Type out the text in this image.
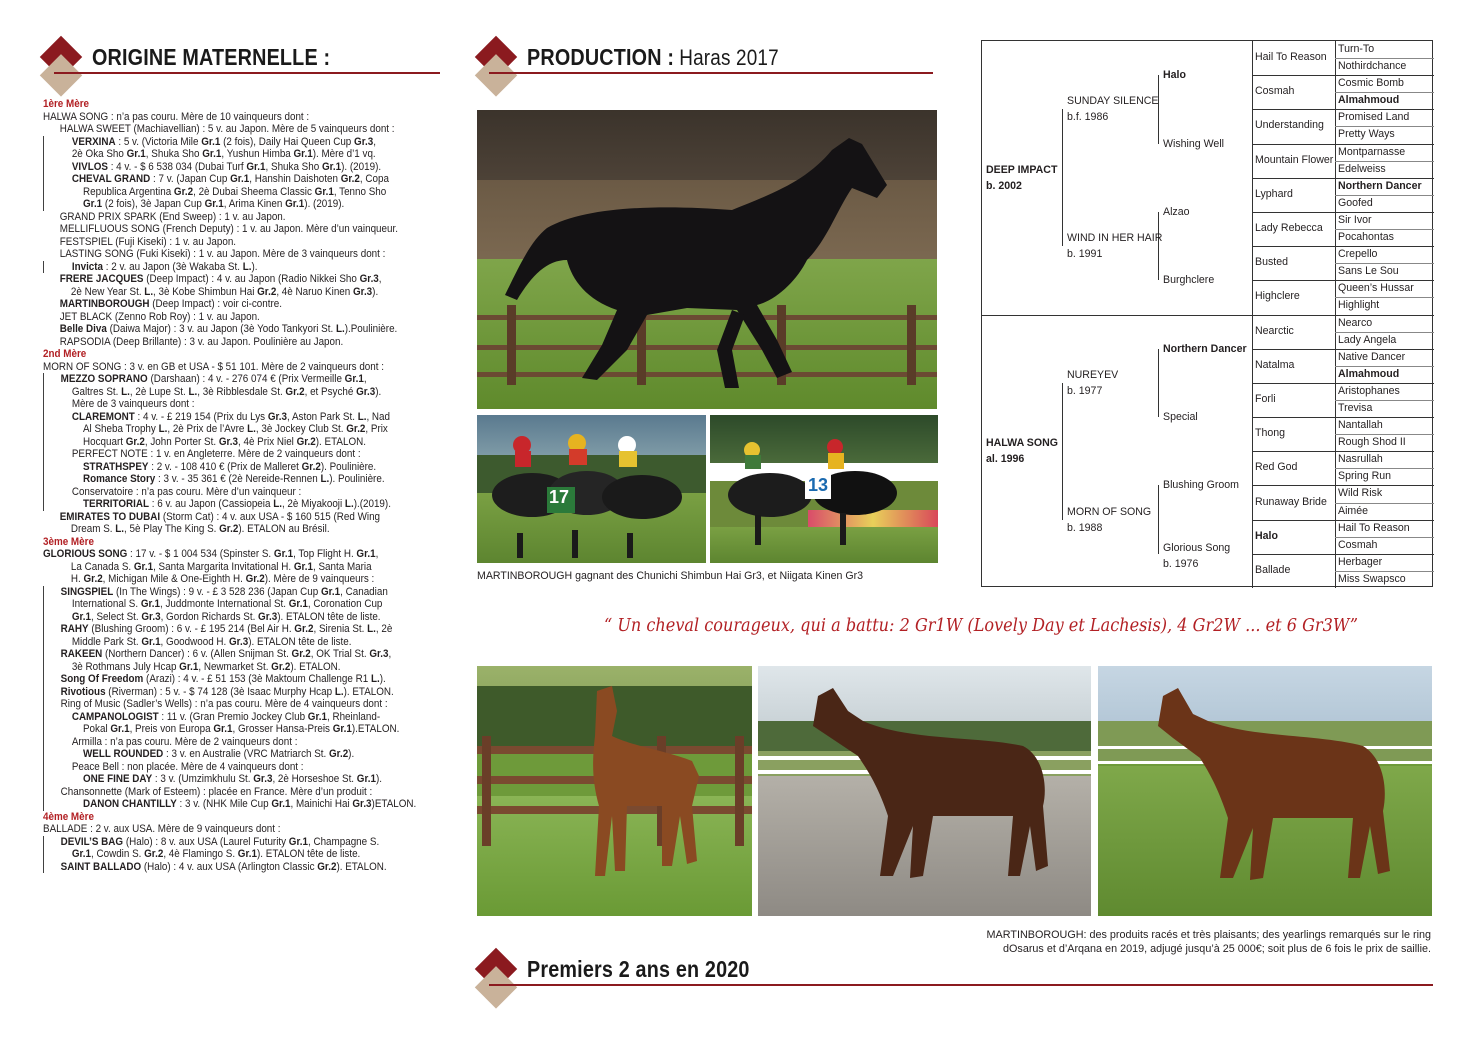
ORIGINE MATERNELLE :
1ère Mère
HALWA SONG : n’a pas couru. Mère de 10 vainqueurs dont :
HALWA SWEET (Machiavellian) : 5 v. au Japon. Mère de 5 vainqueurs dont :
VERXINA : 5 v. (Victoria Mile Gr.1 (2 fois), Daily Hai Queen Cup Gr.3,
2è Oka Sho Gr.1, Shuka Sho Gr.1, Yushun Himba Gr.1). Mère d’1 vq.
VIVLOS : 4 v. - $ 6 538 034 (Dubai Turf Gr.1, Shuka Sho Gr.1). (2019).
CHEVAL GRAND : 7 v. (Japan Cup Gr.1, Hanshin Daishoten Gr.2, Copa
Republica Argentina Gr.2, 2è Dubai Sheema Classic Gr.1, Tenno Sho
Gr.1 (2 fois), 3è Japan Cup Gr.1, Arima Kinen Gr.1). (2019).
GRAND PRIX SPARK (End Sweep) : 1 v. au Japon.
MELLIFLUOUS SONG (French Deputy) : 1 v. au Japon. Mère d’un vainqueur.
FESTSPIEL (Fuji Kiseki) : 1 v. au Japon.
LASTING SONG (Fuki Kiseki) : 1 v. au Japon. Mère de 3 vainqueurs dont :
Invicta : 2 v. au Japon (3è Wakaba St. L.).
FRERE JACQUES (Deep Impact) : 4 v. au Japon (Radio Nikkei Sho Gr.3,
2è New Year St. L., 3è Kobe Shimbun Hai Gr.2, 4è Naruo Kinen Gr.3).
MARTINBOROUGH (Deep Impact) : voir ci-contre.
JET BLACK (Zenno Rob Roy) : 1 v. au Japon.
Belle Diva (Daiwa Major) : 3 v. au Japon (3è Yodo Tankyori St. L.).Poulinière.
RAPSODIA (Deep Brillante) : 3 v. au Japon. Poulinière au Japon.
2nd Mère
MORN OF SONG : 3 v. en GB et USA - $ 51 101. Mère de 2 vainqueurs dont :
MEZZO SOPRANO (Darshaan) : 4 v. - 276 074 € (Prix Vermeille Gr.1,
Galtres St. L., 2è Lupe St. L., 3è Ribblesdale St. Gr.2, et Psyché Gr.3).
Mère de 3 vainqueurs dont :
CLAREMONT : 4 v. - £ 219 154 (Prix du Lys Gr.3, Aston Park St. L., Nad
Al Sheba Trophy L., 2è Prix de l’Avre L., 3è Jockey Club St. Gr.2, Prix
Hocquart Gr.2, John Porter St. Gr.3, 4è Prix Niel Gr.2). ETALON.
PERFECT NOTE : 1 v. en Angleterre. Mère de 2 vainqueurs dont :
STRATHSPEY : 2 v. - 108 410 € (Prix de Malleret Gr.2). Poulinière.
Romance Story : 3 v. - 35 361 € (2è Nereide-Rennen L.). Poulinière.
Conservatoire : n’a pas couru. Mère d’un vainqueur :
TERRITORIAL : 6 v. au Japon (Cassiopeia L., 2è Miyakooji L.).(2019).
EMIRATES TO DUBAI (Storm Cat) : 4 v. aux USA - $ 160 515 (Red Wing
Dream S. L., 5è Play The King S. Gr.2). ETALON au Brésil.
3ème Mère
GLORIOUS SONG : 17 v. - $ 1 004 534 (Spinster S. Gr.1, Top Flight H. Gr.1,
La Canada S. Gr.1, Santa Margarita Invitational H. Gr.1, Santa Maria
H. Gr.2, Michigan Mile & One-Eighth H. Gr.2). Mère de 9 vainqueurs :
SINGSPIEL (In The Wings) : 9 v. - £ 3 528 236 (Japan Cup Gr.1, Canadian
International S. Gr.1, Juddmonte International St. Gr.1, Coronation Cup
Gr.1, Select St. Gr.3, Gordon Richards St. Gr.3). ETALON tête de liste.
RAHY (Blushing Groom) : 6 v. - £ 195 214 (Bel Air H. Gr.2, Sirenia St. L., 2è
Middle Park St. Gr.1, Goodwood H. Gr.3). ETALON tête de liste.
RAKEEN (Northern Dancer) : 6 v. (Allen Snijman St. Gr.2, OK Trial St. Gr.3,
3è Rothmans July Hcap Gr.1, Newmarket St. Gr.2). ETALON.
Song Of Freedom (Arazi) : 4 v. - £ 51 153 (3è Maktoum Challenge R1 L.).
Rivotious (Riverman) : 5 v. - $ 74 128 (3è Isaac Murphy Hcap L.). ETALON.
Ring of Music (Sadler’s Wells) : n’a pas couru. Mère de 4 vainqueurs dont :
CAMPANOLOGIST : 11 v. (Gran Premio Jockey Club Gr.1, Rheinland-
Pokal Gr.1, Preis von Europa Gr.1, Grosser Hansa-Preis Gr.1).ETALON.
Armilla : n’a pas couru. Mère de 2 vainqueurs dont :
WELL ROUNDED : 3 v. en Australie (VRC Matriarch St. Gr.2).
Peace Bell : non placée. Mère de 4 vainqueurs dont :
ONE FINE DAY : 3 v. (Umzimkhulu St. Gr.3, 2è Horseshoe St. Gr.1).
Chansonnette (Mark of Esteem) : placée en France. Mère d’un produit :
DANON CHANTILLY : 3 v. (NHK Mile Cup Gr.1, Mainichi Hai Gr.3)ETALON.
4ème Mère
BALLADE : 2 v. aux USA. Mère de 9 vainqueurs dont :
DEVIL’S BAG (Halo) : 8 v. aux USA (Laurel Futurity Gr.1, Champagne S.
Gr.1, Cowdin S. Gr.2, 4è Flamingo S. Gr.1). ETALON tête de liste.
SAINT BALLADO (Halo) : 4 v. aux USA (Arlington Classic Gr.2). ETALON.
PRODUCTION : Haras 2017
17
13
MARTINBOROUGH gagnant des Chunichi Shimbun Hai Gr3, et Niigata Kinen Gr3
DEEP IMPACT
b. 2002
HALWA SONG
al. 1996
SUNDAY SILENCE
b.f. 1986
WIND IN HER HAIR
b. 1991
NUREYEV
b. 1977
MORN OF SONG
b. 1988
Halo
Wishing Well
Alzao
Burghclere
Northern Dancer
Special
Blushing Groom
Glorious Song
b. 1976
Hail To Reason
Cosmah
Understanding
Mountain Flower
Lyphard
Lady Rebecca
Busted
Highclere
Nearctic
Natalma
Forli
Thong
Red God
Runaway Bride
Halo
Ballade
Turn-To
Nothirdchance
Cosmic Bomb
Almahmoud
Promised Land
Pretty Ways
Montparnasse
Edelweiss
Northern Dancer
Goofed
Sir Ivor
Pocahontas
Crepello
Sans Le Sou
Queen’s Hussar
Highlight
Nearco
Lady Angela
Native Dancer
Almahmoud
Aristophanes
Trevisa
Nantallah
Rough Shod II
Nasrullah
Spring Run
Wild Risk
Aimée
Hail To Reason
Cosmah
Herbager
Miss Swapsco
“ Un cheval courageux, qui a battu: 2 Gr1W (Lovely Day et Lachesis), 4 Gr2W ... et 6 Gr3W”
MARTINBOROUGH: des produits racés et très plaisants; des yearlings remarqués sur le ring
dOsarus et d’Arqana en 2019, adjugé jusqu’à 25 000€; soit plus de 6 fois le prix de saillie.
Premiers 2 ans en 2020
